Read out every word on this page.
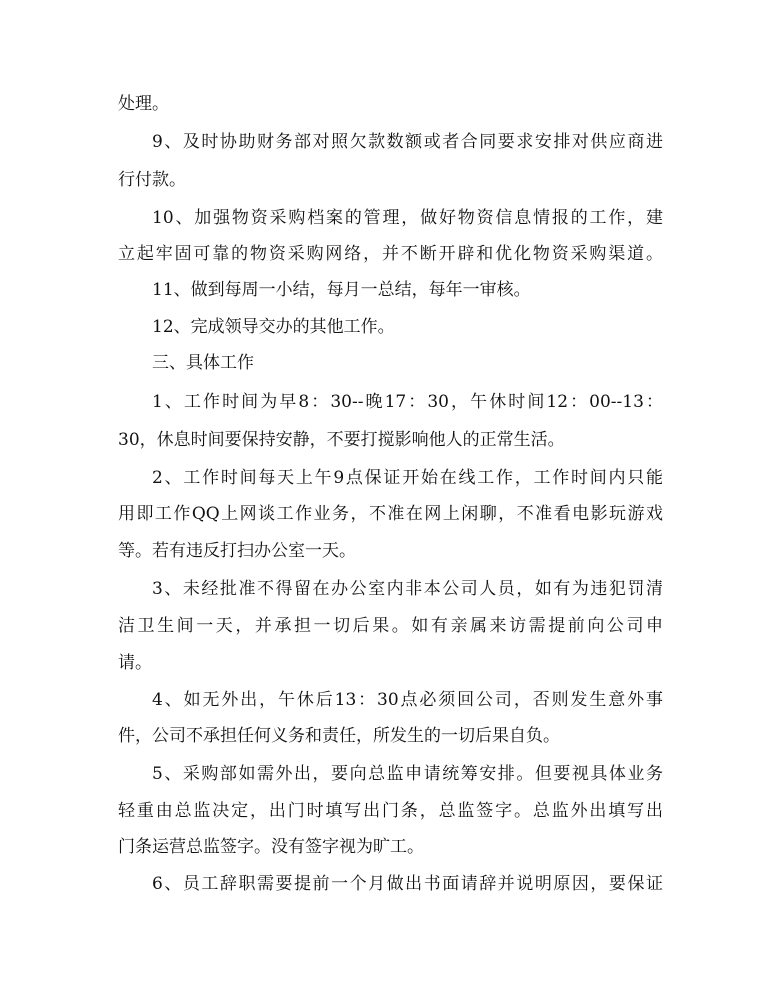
处理。
9、及时协助财务部对照欠款数额或者合同要求安排对供应商进
行付款。
10、加强物资采购档案的管理，做好物资信息情报的工作，建
立起牢固可靠的物资采购网络，并不断开辟和优化物资采购渠道。
11、做到每周一小结，每月一总结，每年一审核。
12、完成领导交办的其他工作。
三、具体工作
1、工作时间为早8：30--晚17：30，午休时间12：00--13：
30，休息时间要保持安静，不要打搅影响他人的正常生活。
2、工作时间每天上午9点保证开始在线工作，工作时间内只能
用即工作QQ上网谈工作业务，不准在网上闲聊，不准看电影玩游戏
等。若有违反打扫办公室一天。
3、未经批准不得留在办公室内非本公司人员，如有为违犯罚清
洁卫生间一天，并承担一切后果。如有亲属来访需提前向公司申
请。
4、如无外出，午休后13：30点必须回公司，否则发生意外事
件，公司不承担任何义务和责任，所发生的一切后果自负。
5、采购部如需外出，要向总监申请统筹安排。但要视具体业务
轻重由总监决定，出门时填写出门条，总监签字。总监外出填写出
门条运营总监签字。没有签字视为旷工。
6、员工辞职需要提前一个月做出书面请辞并说明原因，要保证
